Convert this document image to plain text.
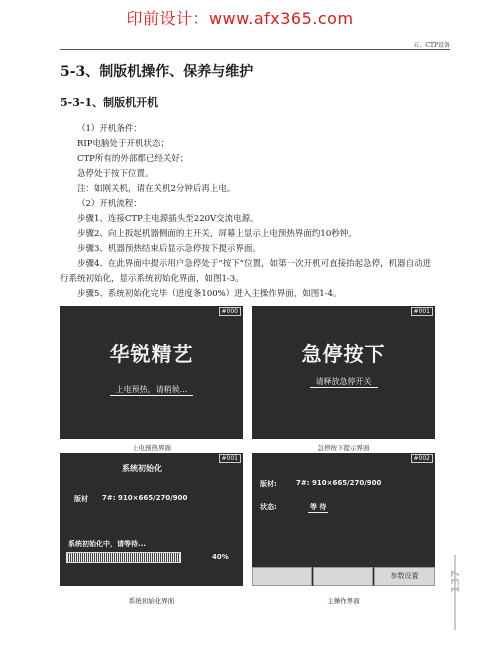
印前设计：www.afx365.com
五、CTP设备
5-3、制版机操作、保养与维护
5-3-1、制版机开机

（1）开机条件：

RIP电脑处于开机状态；

CTP所有的外部都已经关好；

急停处于按下位置。

注：如刚关机，请在关机2分钟后再上电。

（2）开机流程：

步骤1、连接CTP主电源插头至220V交流电源。

步骤2、向上扳起机器侧面的主开关，屏幕上显示上电预热界面约10秒钟。

步骤3、机器预热结束后显示急停按下提示界面。

步骤4、在此界面中提示用户急停处于“按下”位置，如第一次开机可直接抬起急停，机器自动进行系统初始化，显示系统初始化界面，如图1-3。

步骤5、系统初始化完毕（进度条100%）进入主操作界面，如图1-4。

#000
华锐精艺
上电预热，请稍候...
上电预热界面
#001
急停按下
请释放急停开关
急停按下提示界面
#001
系统初始化
版材 7#: 910×665/270/900
系统初始化中，请等待...
40%
系统初始化界面
#002
版材:	7#: 910×665/270/900
状态:	等 待
参数设置
主操作界面
137
